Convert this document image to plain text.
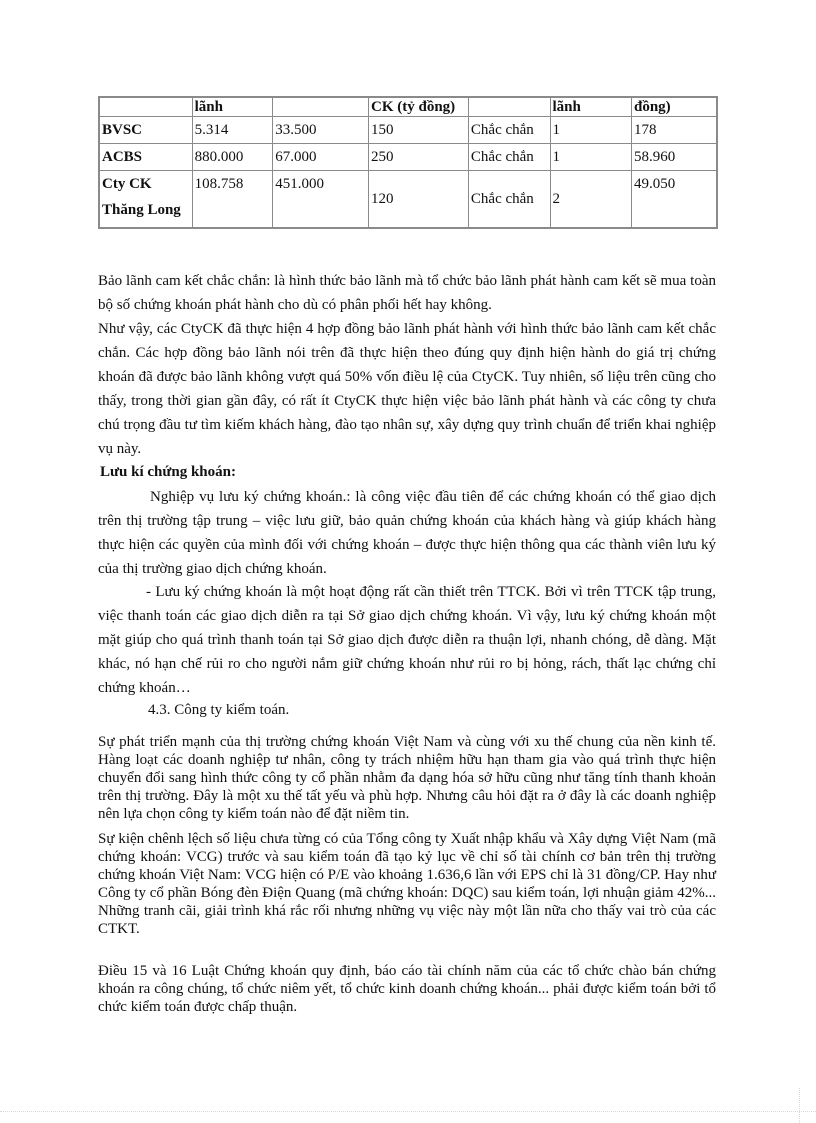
	lãnh		CK (tỷ đồng)		lãnh	đồng)
BVSC	5.314	33.500	150	Chắc chắn	1	178
ACBS	880.000	67.000	250	Chắc chắn	1	58.960
Cty CK Thăng Long	108.758	451.000	120	Chắc chắn	2	49.050
Bảo lãnh cam kết chắc chắn: là hình thức bảo lãnh mà tổ chức bảo lãnh phát hành cam kết sẽ mua toàn bộ số chứng khoán phát hành cho dù có phân phối hết hay không.
Như vậy, các CtyCK đã thực hiện 4 hợp đồng bảo lãnh phát hành với hình thức bảo lãnh cam kết chắc chắn. Các hợp đồng bảo lãnh nói trên đã thực hiện theo đúng quy định hiện hành do giá trị chứng khoán đã được bảo lãnh không vượt quá 50% vốn điều lệ của CtyCK. Tuy nhiên, số liệu trên cũng cho thấy, trong thời gian gần đây, có rất ít CtyCK thực hiện việc bảo lãnh phát hành và các công ty chưa chú trọng đầu tư tìm kiếm khách hàng, đào tạo nhân sự, xây dựng quy trình chuẩn để triển khai nghiệp vụ này.
Lưu kí chứng khoán:
Nghiệp vụ lưu ký chứng khoán.: là công việc đầu tiên để các chứng khoán có thể giao dịch trên thị trường tập trung – việc lưu giữ, bảo quản chứng khoán của khách hàng và giúp khách hàng thực hiện các quyền của mình đối với chứng khoán – được thực hiện thông qua các thành viên lưu ký của thị trường giao dịch chứng khoán.
- Lưu ký chứng khoán là một hoạt động rất cần thiết trên TTCK. Bởi vì trên TTCK tập trung, việc thanh toán các giao dịch diễn ra tại Sở giao dịch chứng khoán. Vì vậy, lưu ký chứng khoán một mặt giúp cho quá trình thanh toán tại Sở giao dịch được diễn ra thuận lợi, nhanh chóng, dễ dàng. Mặt khác, nó hạn chế rủi ro cho người nắm giữ chứng khoán như rủi ro bị hỏng, rách, thất lạc chứng chỉ chứng khoán…
4.3. Công ty kiểm toán.
Sự phát triển mạnh của thị trường chứng khoán Việt Nam và cùng với xu thế chung của nền kinh tế. Hàng loạt các doanh nghiệp tư nhân, công ty trách nhiệm hữu hạn tham gia vào quá trình thực hiện chuyển đổi sang hình thức công ty cổ phần nhằm đa dạng hóa sở hữu cũng như tăng tính thanh khoản trên thị trường. Đây là một xu thế tất yếu và phù hợp. Nhưng câu hỏi đặt ra ở đây là các doanh nghiệp nên lựa chọn công ty kiểm toán nào để đặt niềm tin.
Sự kiện chênh lệch số liệu chưa từng có của Tổng công ty Xuất nhập khẩu và Xây dựng Việt Nam (mã chứng khoán: VCG) trước và sau kiểm toán đã tạo kỷ lục về chỉ số tài chính cơ bản trên thị trường chứng khoán Việt Nam: VCG hiện có P/E vào khoảng 1.636,6 lần với EPS chỉ là 31 đồng/CP. Hay như Công ty cổ phần Bóng đèn Điện Quang (mã chứng khoán: DQC) sau kiểm toán, lợi nhuận giảm 42%... Những tranh cãi, giải trình khá rắc rối nhưng những vụ việc này một lần nữa cho thấy vai trò của các CTKT.
Điều 15 và 16 Luật Chứng khoán quy định, báo cáo tài chính năm của các tổ chức chào bán chứng khoán ra công chúng, tổ chức niêm yết, tổ chức kinh doanh chứng khoán... phải được kiểm toán bởi tổ chức kiểm toán được chấp thuận.
